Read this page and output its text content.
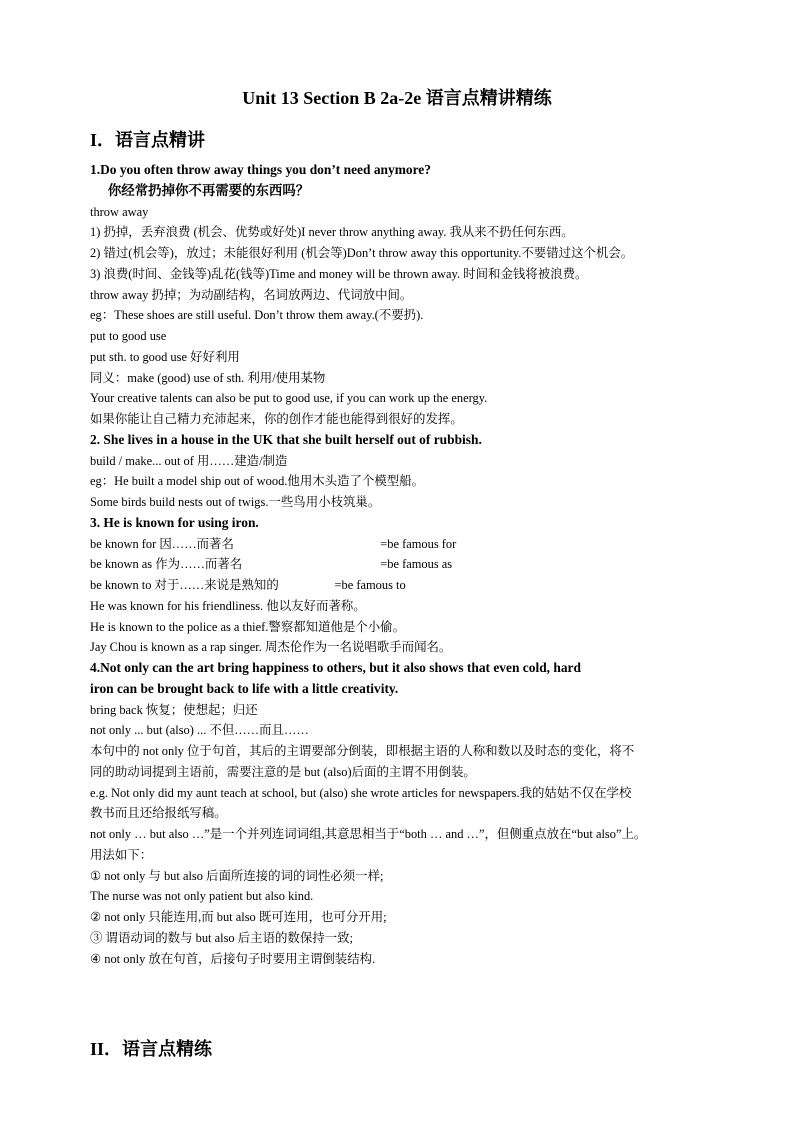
Unit 13 Section B 2a-2e 语言点精讲精练
I．语言点精讲
1.Do you often throw away things you don’t need anymore?
你经常扔掉你不再需要的东西吗？
throw away
1) 扔掉，丢弃浪费 (机会、优势或好处)I never throw anything away. 我从来不扔任何东西。
2) 错过(机会等)，放过；未能很好利用 (机会等)Don’t throw away this opportunity.不要错过这个机会。
3) 浪费(时间、金钱等)乱花(钱等)Time and money will be thrown away. 时间和金钱将被浪费。
throw away 扔掉；为动副结构，名词放两边、代词放中间。
eg：These shoes are still useful. Don’t throw them away.(不要扔).
put to good use
put sth. to good use 好好利用
同义：make (good) use of sth. 利用/使用某物
Your creative talents can also be put to good use, if you can work up the energy.
如果你能让自己精力充沛起来，你的创作才能也能得到很好的发挥。
2. She lives in a house in the UK that she built herself out of rubbish.
build / make... out of 用……建造/制造
eg：He built a model ship out of wood.他用木头造了个模型船。
Some birds build nests out of twigs.一些鸟用小枝筑巢。
3. He is known for using iron.
be known for 因……而著名	=be famous for
be known as 作为……而著名	=be famous as
be known to 对于……来说是熟知的	=be famous to
He was known for his friendliness. 他以友好而著称。
He is known to the police as a thief.警察都知道他是个小偷。
Jay Chou is known as a rap singer. 周杰伦作为一名说唱歌手而闻名。
4.Not only can the art bring happiness to others, but it also shows that even cold, hard
iron can be brought back to life with a little creativity.
bring back 恢复；使想起；归还
not only ... but (also) ... 不但……而且……
本句中的 not only 位于句首，其后的主谓要部分倒装，即根据主语的人称和数以及时态的变化，将不
同的助动词提到主语前，需要注意的是 but (also)后面的主谓不用倒装。
e.g. Not only did my aunt teach at school, but (also) she wrote articles for newspapers.我的姑姑不仅在学校
教书而且还给报纸写稿。
not only … but also …”是一个并列连词词组,其意思相当于“both … and …”，但侧重点放在“but also”上。
用法如下：
① not only 与 but also 后面所连接的词的词性必须一样;
The nurse was not only patient but also kind.
② not only 只能连用,而 but also 既可连用，也可分开用;
③ 谓语动词的数与 but also 后主语的数保持一致;
④ not only 放在句首，后接句子时要用主谓倒装结构.
II．语言点精练
